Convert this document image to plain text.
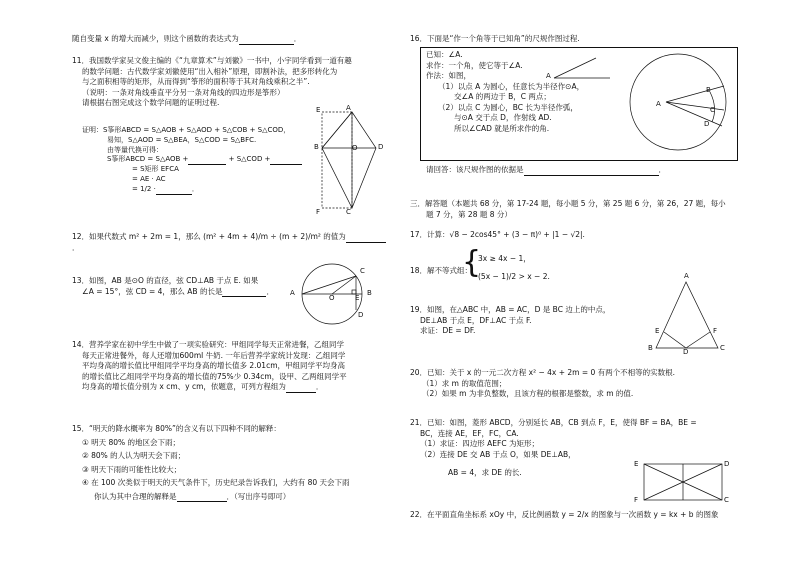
随自变量 x 的增大而减少，则这个函数的表达式为	．
11．我国数学家吴文俊主编的《“九章算术”与刘徽》一书中，小宇同学看到一道有趣
的数学问题：古代数学家刘徽使用“出入相补”原理，即割补法，把多形转化为
与之面积相等的矩形，从而得到“筝形的面积等于其对角线乘积之半”.
（说明：一条对角线垂直平分另一条对角线的四边形是筝形）
请根据右图完成这个数学问题的证明过程.
证明：S筝形ABCD = S△AOB + S△AOD + S△COB + S△COD，
易知，S△AOD = S△BEA，S△COD = S△BFC.
由等量代换可得：
S筝形ABCD = S△AOB +	+ S△COD +
= S矩形 EFCA
= AE · AC
= 1/2 ·	．
E	A
B	O	D
F	C
12．如果代数式 m² + 2m = 1，那么 (m² + 4m + 4)/m ÷ (m + 2)/m² 的值为．
13．如图，AB 是⊙O 的直径，弦 CD⊥AB 于点 E. 如果
∠A = 15°，弦 CD = 4，那么 AB 的长是	．	A	B
C
D
E
O
14．营养学家在初中学生中做了一项实验研究：甲组同学每天正常进餐，乙组同学
每天正常进餐外，每人还增加600ml 牛奶. 一年后营养学家统计发现：乙组同学
平均身高的增长值比甲组同学平均身高的增长值多 2.01cm，甲组同学平均身高
的增长值比乙组同学平均身高的增长值的75%少 0.34cm，设甲、乙两组同学平
均身高的增长值分别为 x cm、y cm，依题意，可列方程组为	．
15．“明天的降水概率为 80%”的含义有以下四种不同的解释：
① 明天 80% 的地区会下雨；
② 80% 的人认为明天会下雨；
③ 明天下雨的可能性比较大；
④ 在 100 次类似于明天的天气条件下，历史纪录告诉我们，大约有 80 天会下雨
你认为其中合理的解释是	．（写出序号即可）
16．下面是“作一个角等于已知角”的尺规作图过程.
已知：∠A.
求作：一个角，使它等于∠A.
作法：如图，
（1）以点 A 为圆心，任意长为半径作⊙A，
交∠A 的两边于 B，C 两点；
（2）以点 C 为圆心，BC 长为半径作弧，
与⊙A 交于点 D，作射线 AD.
所以∠CAD 就是所求作的角.
A
A
B
C
D
请回答：该尺规作图的依据是	．
三．解答题（本题共 68 分，第 17-24 题，每小题 5 分，第 25 题 6 分，第 26，27 题，每小
题 7 分，第 28 题 8 分）
17．计算：√8 − 2cos45° + (3 − π)⁰ + |1 − √2|.
18．解不等式组：
{
3x ≥ 4x − 1，
(5x − 1)/2 > x − 2.
19．如图，在△ABC 中，AB = AC，D 是 BC 边上的中点，
DE⊥AB 于点 E，DF⊥AC 于点 F.
求证：DE = DF.
A
E	F
B	D	C
20．已知：关于 x 的一元二次方程 x² − 4x + 2m = 0 有两个不相等的实数根.
（1）求 m 的取值范围；
（2）如果 m 为非负整数，且该方程的根都是整数，求 m 的值.
21．已知：如图，菱形 ABCD，分别延长 AB，CB 到点 F，E，使得 BF = BA，BE =
BC，连接 AE，EF，FC，CA.
（1）求证：四边形 AEFC 为矩形；
（2）连接 DE 交 AB 于点 O，如果 DE⊥AB，
AB = 4，求 DE 的长.
E
F	C
D
22．在平面直角坐标系 xOy 中，反比例函数 y = 2/x 的图象与一次函数 y = kx + b 的图象
